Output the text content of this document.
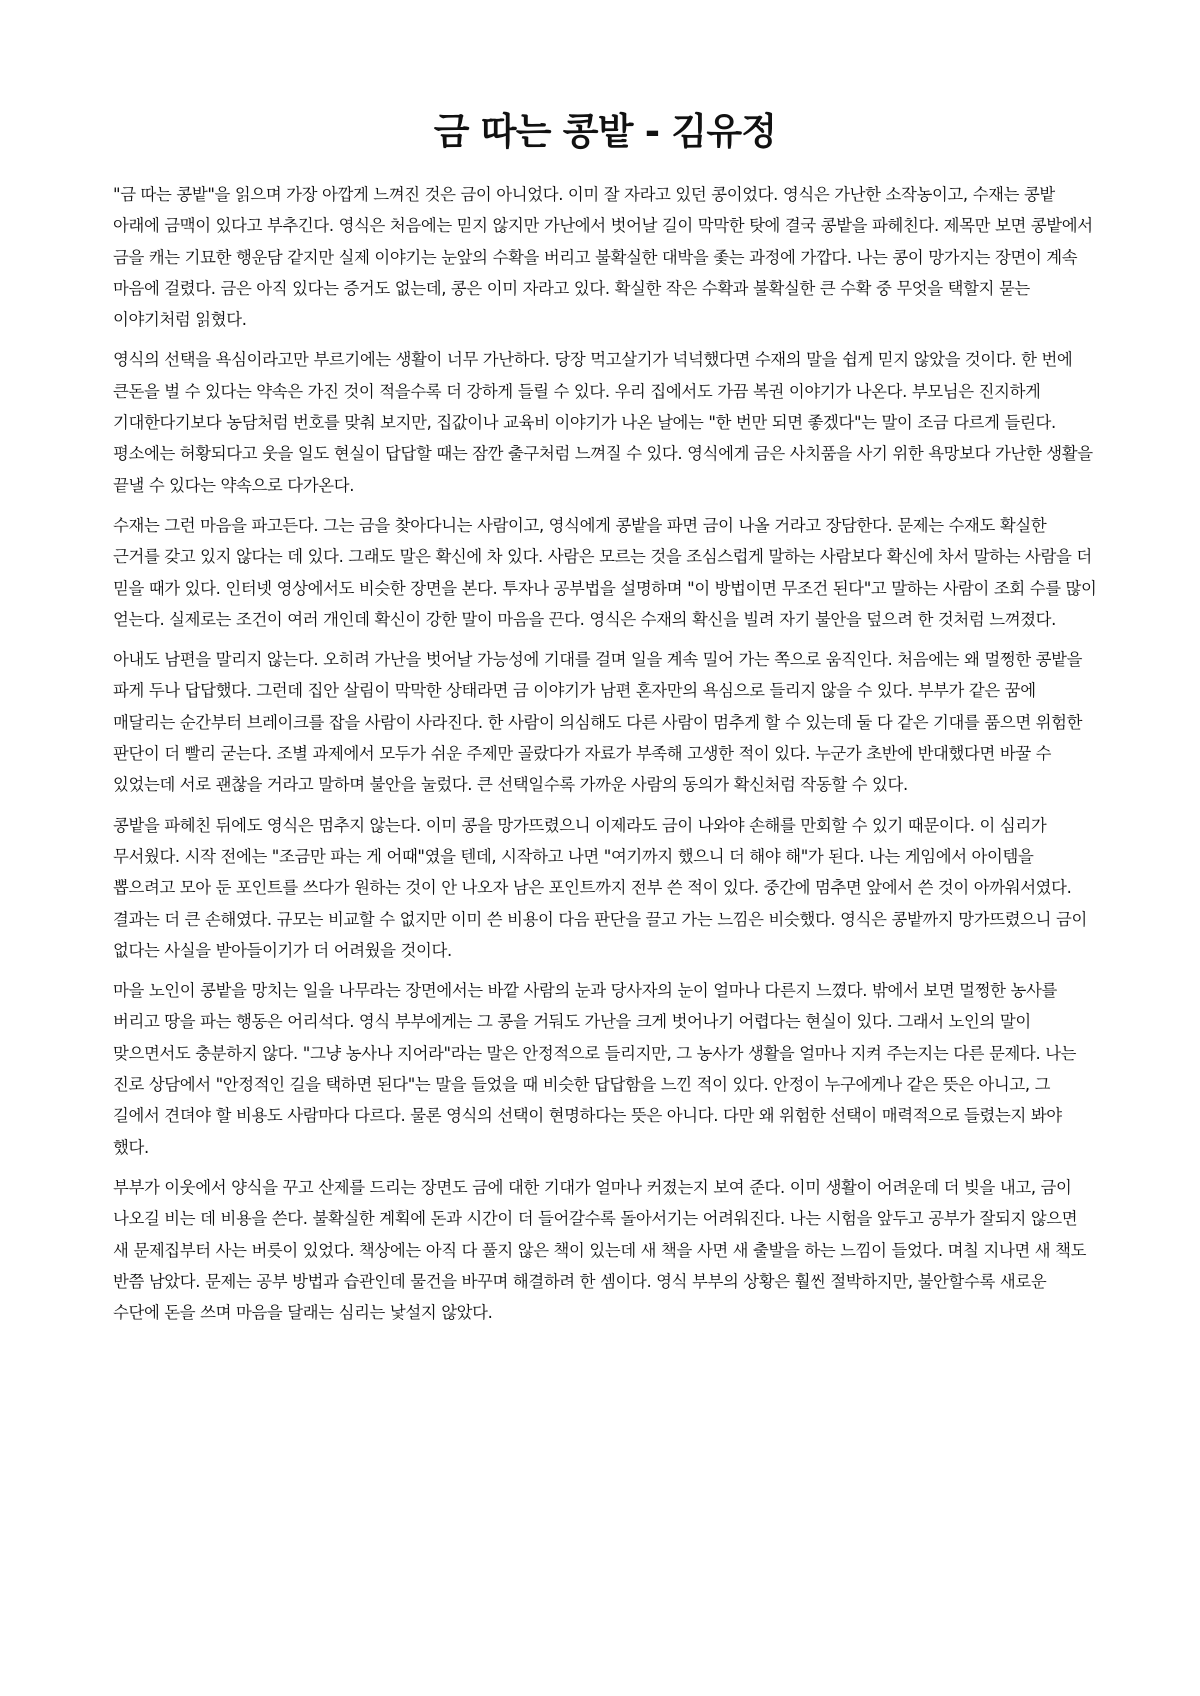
금 따는 콩밭 - 김유정

"금 따는 콩밭"을 읽으며 가장 아깝게 느껴진 것은 금이 아니었다. 이미 잘 자라고 있던 콩이었다. 영식은 가난한 소작농이고, 수재는 콩밭 아래에 금맥이 있다고 부추긴다. 영식은 처음에는 믿지 않지만 가난에서 벗어날 길이 막막한 탓에 결국 콩밭을 파헤친다. 제목만 보면 콩밭에서 금을 캐는 기묘한 행운담 같지만 실제 이야기는 눈앞의 수확을 버리고 불확실한 대박을 좇는 과정에 가깝다. 나는 콩이 망가지는 장면이 계속 마음에 걸렸다. 금은 아직 있다는 증거도 없는데, 콩은 이미 자라고 있다. 확실한 작은 수확과 불확실한 큰 수확 중 무엇을 택할지 묻는 이야기처럼 읽혔다.

영식의 선택을 욕심이라고만 부르기에는 생활이 너무 가난하다. 당장 먹고살기가 넉넉했다면 수재의 말을 쉽게 믿지 않았을 것이다. 한 번에 큰돈을 벌 수 있다는 약속은 가진 것이 적을수록 더 강하게 들릴 수 있다. 우리 집에서도 가끔 복권 이야기가 나온다. 부모님은 진지하게 기대한다기보다 농담처럼 번호를 맞춰 보지만, 집값이나 교육비 이야기가 나온 날에는 "한 번만 되면 좋겠다"는 말이 조금 다르게 들린다. 평소에는 허황되다고 웃을 일도 현실이 답답할 때는 잠깐 출구처럼 느껴질 수 있다. 영식에게 금은 사치품을 사기 위한 욕망보다 가난한 생활을 끝낼 수 있다는 약속으로 다가온다.

수재는 그런 마음을 파고든다. 그는 금을 찾아다니는 사람이고, 영식에게 콩밭을 파면 금이 나올 거라고 장담한다. 문제는 수재도 확실한 근거를 갖고 있지 않다는 데 있다. 그래도 말은 확신에 차 있다. 사람은 모르는 것을 조심스럽게 말하는 사람보다 확신에 차서 말하는 사람을 더 믿을 때가 있다. 인터넷 영상에서도 비슷한 장면을 본다. 투자나 공부법을 설명하며 "이 방법이면 무조건 된다"고 말하는 사람이 조회 수를 많이 얻는다. 실제로는 조건이 여러 개인데 확신이 강한 말이 마음을 끈다. 영식은 수재의 확신을 빌려 자기 불안을 덮으려 한 것처럼 느껴졌다.

아내도 남편을 말리지 않는다. 오히려 가난을 벗어날 가능성에 기대를 걸며 일을 계속 밀어 가는 쪽으로 움직인다. 처음에는 왜 멀쩡한 콩밭을 파게 두나 답답했다. 그런데 집안 살림이 막막한 상태라면 금 이야기가 남편 혼자만의 욕심으로 들리지 않을 수 있다. 부부가 같은 꿈에 매달리는 순간부터 브레이크를 잡을 사람이 사라진다. 한 사람이 의심해도 다른 사람이 멈추게 할 수 있는데 둘 다 같은 기대를 품으면 위험한 판단이 더 빨리 굳는다. 조별 과제에서 모두가 쉬운 주제만 골랐다가 자료가 부족해 고생한 적이 있다. 누군가 초반에 반대했다면 바꿀 수 있었는데 서로 괜찮을 거라고 말하며 불안을 눌렀다. 큰 선택일수록 가까운 사람의 동의가 확신처럼 작동할 수 있다.

콩밭을 파헤친 뒤에도 영식은 멈추지 않는다. 이미 콩을 망가뜨렸으니 이제라도 금이 나와야 손해를 만회할 수 있기 때문이다. 이 심리가 무서웠다. 시작 전에는 "조금만 파는 게 어때"였을 텐데, 시작하고 나면 "여기까지 했으니 더 해야 해"가 된다. 나는 게임에서 아이템을 뽑으려고 모아 둔 포인트를 쓰다가 원하는 것이 안 나오자 남은 포인트까지 전부 쓴 적이 있다. 중간에 멈추면 앞에서 쓴 것이 아까워서였다. 결과는 더 큰 손해였다. 규모는 비교할 수 없지만 이미 쓴 비용이 다음 판단을 끌고 가는 느낌은 비슷했다. 영식은 콩밭까지 망가뜨렸으니 금이 없다는 사실을 받아들이기가 더 어려웠을 것이다.

마을 노인이 콩밭을 망치는 일을 나무라는 장면에서는 바깥 사람의 눈과 당사자의 눈이 얼마나 다른지 느꼈다. 밖에서 보면 멀쩡한 농사를 버리고 땅을 파는 행동은 어리석다. 영식 부부에게는 그 콩을 거둬도 가난을 크게 벗어나기 어렵다는 현실이 있다. 그래서 노인의 말이 맞으면서도 충분하지 않다. "그냥 농사나 지어라"라는 말은 안정적으로 들리지만, 그 농사가 생활을 얼마나 지켜 주는지는 다른 문제다. 나는 진로 상담에서 "안정적인 길을 택하면 된다"는 말을 들었을 때 비슷한 답답함을 느낀 적이 있다. 안정이 누구에게나 같은 뜻은 아니고, 그 길에서 견뎌야 할 비용도 사람마다 다르다. 물론 영식의 선택이 현명하다는 뜻은 아니다. 다만 왜 위험한 선택이 매력적으로 들렸는지 봐야 했다.

부부가 이웃에서 양식을 꾸고 산제를 드리는 장면도 금에 대한 기대가 얼마나 커졌는지 보여 준다. 이미 생활이 어려운데 더 빚을 내고, 금이 나오길 비는 데 비용을 쓴다. 불확실한 계획에 돈과 시간이 더 들어갈수록 돌아서기는 어려워진다. 나는 시험을 앞두고 공부가 잘되지 않으면 새 문제집부터 사는 버릇이 있었다. 책상에는 아직 다 풀지 않은 책이 있는데 새 책을 사면 새 출발을 하는 느낌이 들었다. 며칠 지나면 새 책도 반쯤 남았다. 문제는 공부 방법과 습관인데 물건을 바꾸며 해결하려 한 셈이다. 영식 부부의 상황은 훨씬 절박하지만, 불안할수록 새로운 수단에 돈을 쓰며 마음을 달래는 심리는 낯설지 않았다.
